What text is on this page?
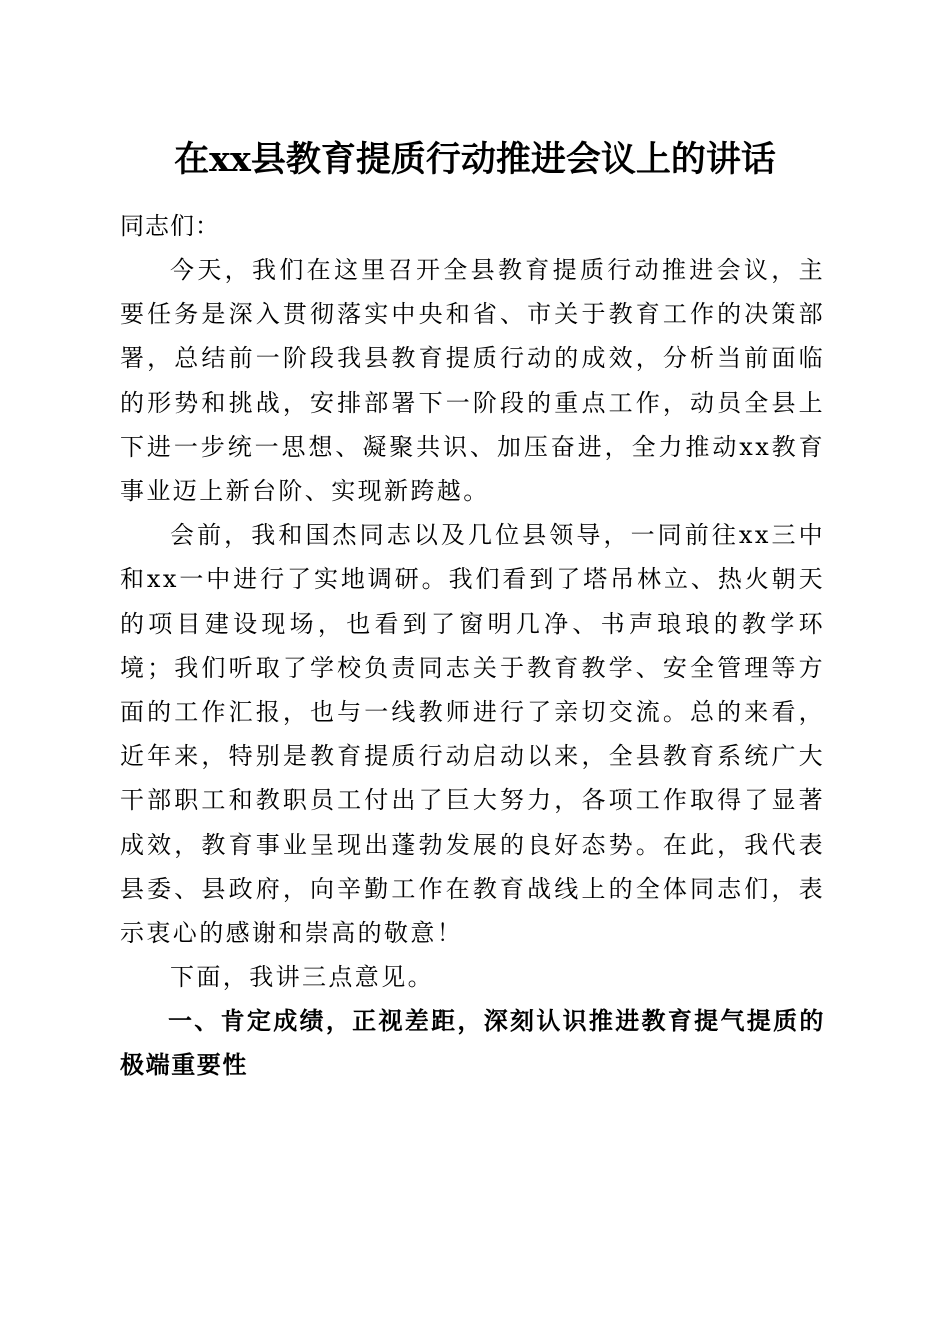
在xx县教育提质行动推进会议上的讲话

同志们：

今天，我们在这里召开全县教育提质行动推进会议，主要任务是深入贯彻落实中央和省、市关于教育工作的决策部署，总结前一阶段我县教育提质行动的成效，分析当前面临的形势和挑战，安排部署下一阶段的重点工作，动员全县上下进一步统一思想、凝聚共识、加压奋进，全力推动xx教育事业迈上新台阶、实现新跨越。

会前，我和国杰同志以及几位县领导，一同前往xx三中和xx一中进行了实地调研。我们看到了塔吊林立、热火朝天的项目建设现场，也看到了窗明几净、书声琅琅的教学环境；我们听取了学校负责同志关于教育教学、安全管理等方面的工作汇报，也与一线教师进行了亲切交流。总的来看，近年来，特别是教育提质行动启动以来，全县教育系统广大干部职工和教职员工付出了巨大努力，各项工作取得了显著成效，教育事业呈现出蓬勃发展的良好态势。在此，我代表县委、县政府，向辛勤工作在教育战线上的全体同志们，表示衷心的感谢和崇高的敬意！

下面，我讲三点意见。

一、肯定成绩，正视差距，深刻认识推进教育提气提质的极端重要性
